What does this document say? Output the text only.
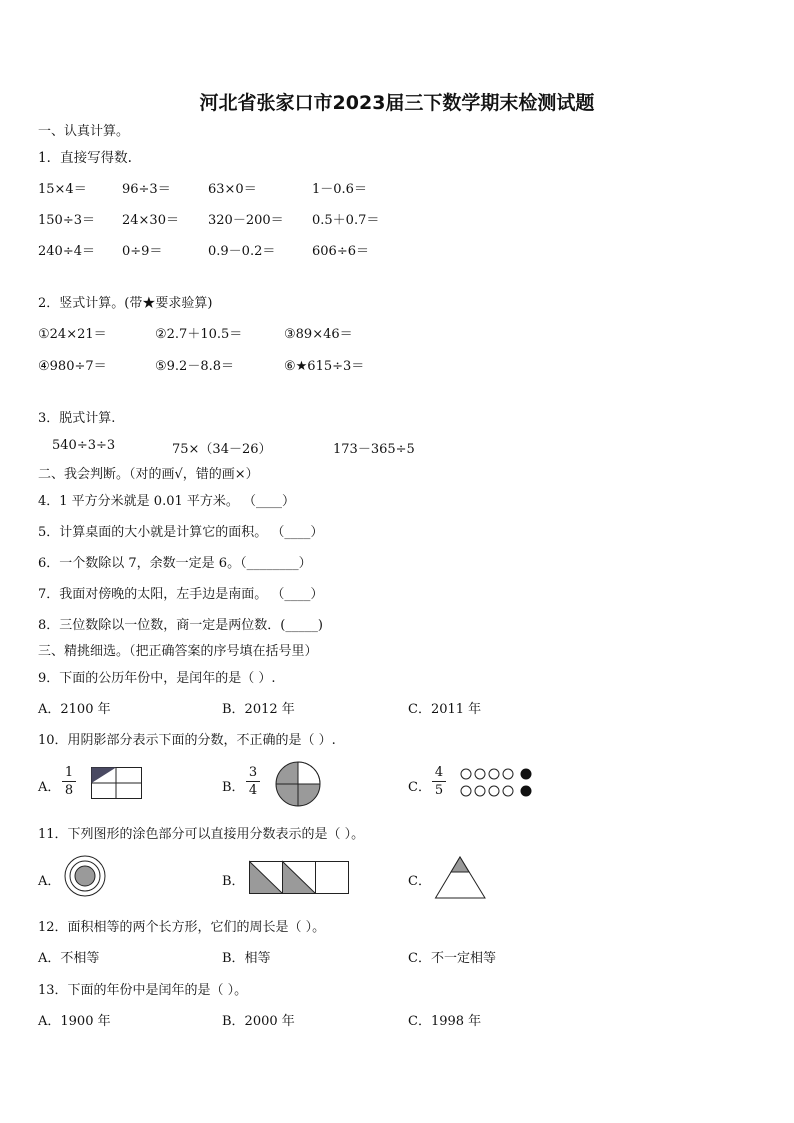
河北省张家口市2023届三下数学期末检测试题
一、认真计算。
1．直接写得数.
15×4＝	96÷3＝	63×0＝	1－0.6＝
150÷3＝ 24×30＝ 320－200＝ 0.5＋0.7＝
240÷4＝ 0÷9＝	0.9－0.2＝	606÷6＝
2．竖式计算。(带★要求验算)
①24×21＝	②2.7＋10.5＝	③89×46＝
④980÷7＝	⑤9.2－8.8＝	⑥★615÷3＝
3．脱式计算.
540÷3÷3	75×（34－26）	173－365÷5
二、我会判断。（对的画√，错的画×）
4．1 平方分米就是 0.01 平方米。 （____）
5．计算桌面的大小就是计算它的面积。 （____）
6．一个数除以 7，余数一定是 6。（________）
7．我面对傍晚的太阳，左手边是南面。 （____）
8．三位数除以一位数，商一定是两位数．(_____)
三、精挑细选。（把正确答案的序号填在括号里）
9．下面的公历年份中，是闰年的是（ ）.
A．2100 年	B．2012 年	C．2011 年
10．用阴影部分表示下面的分数，不正确的是（ ）.
A．
1
8	B．
3
4	C．
4
5
11．下列图形的涂色部分可以直接用分数表示的是（ ）。
A．	B．	C．
12．面积相等的两个长方形，它们的周长是（ ）。
A．不相等	B．相等	C．不一定相等
13．下面的年份中是闰年的是（ ）。
A．1900 年	B．2000 年	C．1998 年
